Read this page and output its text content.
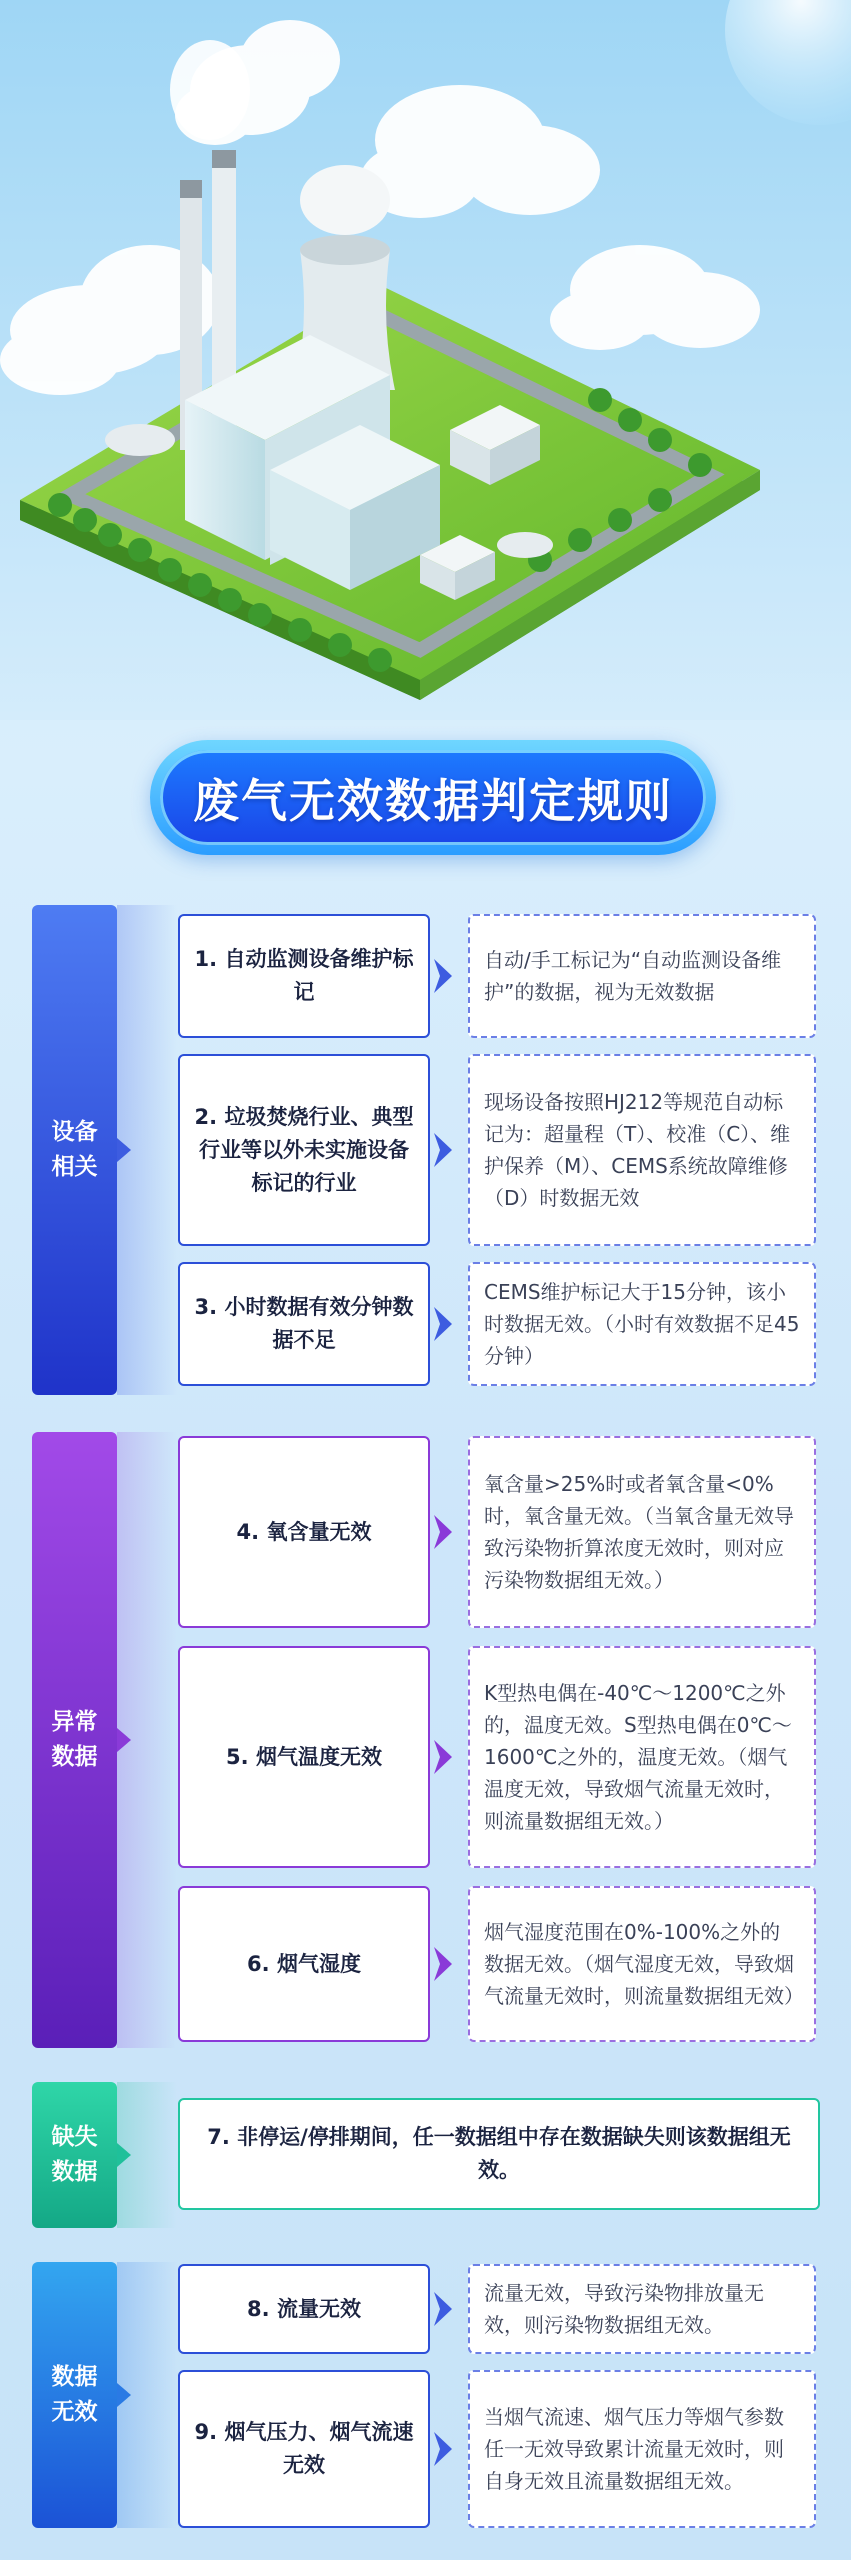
废气无效数据判定规则
设备
相关
1. 自动监测设备维护标记
自动/手工标记为“自动监测设备维护”的数据，视为无效数据
2. 垃圾焚烧行业、典型行业等以外未实施设备标记的行业
现场设备按照HJ212等规范自动标记为：超量程（T）、校准（C）、维护保养（M）、CEMS系统故障维修（D）时数据无效
3. 小时数据有效分钟数据不足
CEMS维护标记大于15分钟，该小时数据无效。（小时有效数据不足45分钟）
异常
数据
4. 氧含量无效
氧含量>25%时或者氧含量<0%时，氧含量无效。（当氧含量无效导致污染物折算浓度无效时，则对应污染物数据组无效。）
5. 烟气温度无效
K型热电偶在-40℃～1200℃之外的，温度无效。S型热电偶在0℃～1600℃之外的，温度无效。（烟气温度无效，导致烟气流量无效时，则流量数据组无效。）
6. 烟气湿度
烟气湿度范围在0%-100%之外的数据无效。（烟气湿度无效，导致烟气流量无效时，则流量数据组无效）
缺失
数据
7. 非停运/停排期间，任一数据组中存在数据缺失则该数据组无效。
数据
无效
8. 流量无效
流量无效，导致污染物排放量无效，则污染物数据组无效。
9. 烟气压力、烟气流速无效
当烟气流速、烟气压力等烟气参数任一无效导致累计流量无效时，则自身无效且流量数据组无效。
